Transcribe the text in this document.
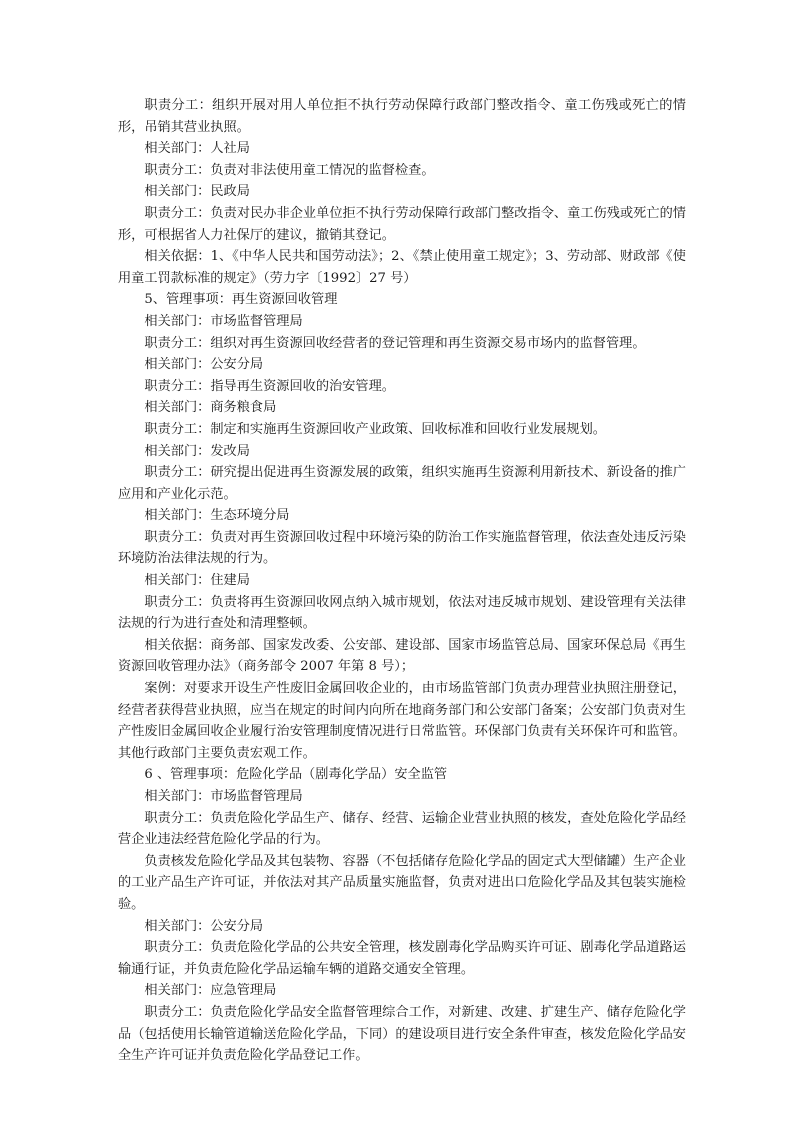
职责分工：组织开展对用人单位拒不执行劳动保障行政部门整改指令、童工伤残或死亡的情形，吊销其营业执照。

相关部门：人社局

职责分工：负责对非法使用童工情况的监督检查。

相关部门：民政局

职责分工：负责对民办非企业单位拒不执行劳动保障行政部门整改指令、童工伤残或死亡的情形，可根据省人力社保厅的建议，撤销其登记。

相关依据：1、《中华人民共和国劳动法》；2、《禁止使用童工规定》；3、劳动部、财政部《使用童工罚款标准的规定》（劳力字〔1992〕27 号）

5、管理事项：再生资源回收管理

相关部门：市场监督管理局

职责分工：组织对再生资源回收经营者的登记管理和再生资源交易市场内的监督管理。

相关部门：公安分局

职责分工：指导再生资源回收的治安管理。

相关部门：商务粮食局

职责分工：制定和实施再生资源回收产业政策、回收标准和回收行业发展规划。

相关部门：发改局

职责分工：研究提出促进再生资源发展的政策，组织实施再生资源利用新技术、新设备的推广应用和产业化示范。

相关部门：生态环境分局

职责分工：负责对再生资源回收过程中环境污染的防治工作实施监督管理，依法查处违反污染环境防治法律法规的行为。

相关部门：住建局

职责分工：负责将再生资源回收网点纳入城市规划，依法对违反城市规划、建设管理有关法律法规的行为进行查处和清理整顿。

相关依据：商务部、国家发改委、公安部、建设部、国家市场监管总局、国家环保总局《再生资源回收管理办法》（商务部令 2007 年第 8 号）；

案例：对要求开设生产性废旧金属回收企业的，由市场监管部门负责办理营业执照注册登记，经营者获得营业执照，应当在规定的时间内向所在地商务部门和公安部门备案；公安部门负责对生产性废旧金属回收企业履行治安管理制度情况进行日常监管。环保部门负责有关环保许可和监管。其他行政部门主要负责宏观工作。

6 、管理事项：危险化学品（剧毒化学品）安全监管

相关部门：市场监督管理局

职责分工：负责危险化学品生产、储存、经营、运输企业营业执照的核发，查处危险化学品经营企业违法经营危险化学品的行为。

负责核发危险化学品及其包装物、容器（不包括储存危险化学品的固定式大型储罐）生产企业的工业产品生产许可证，并依法对其产品质量实施监督，负责对进出口危险化学品及其包装实施检验。

相关部门：公安分局

职责分工：负责危险化学品的公共安全管理，核发剧毒化学品购买许可证、剧毒化学品道路运输通行证，并负责危险化学品运输车辆的道路交通安全管理。

相关部门：应急管理局

职责分工：负责危险化学品安全监督管理综合工作，对新建、改建、扩建生产、储存危险化学品（包括使用长输管道输送危险化学品，下同）的建设项目进行安全条件审查，核发危险化学品安全生产许可证并负责危险化学品登记工作。
